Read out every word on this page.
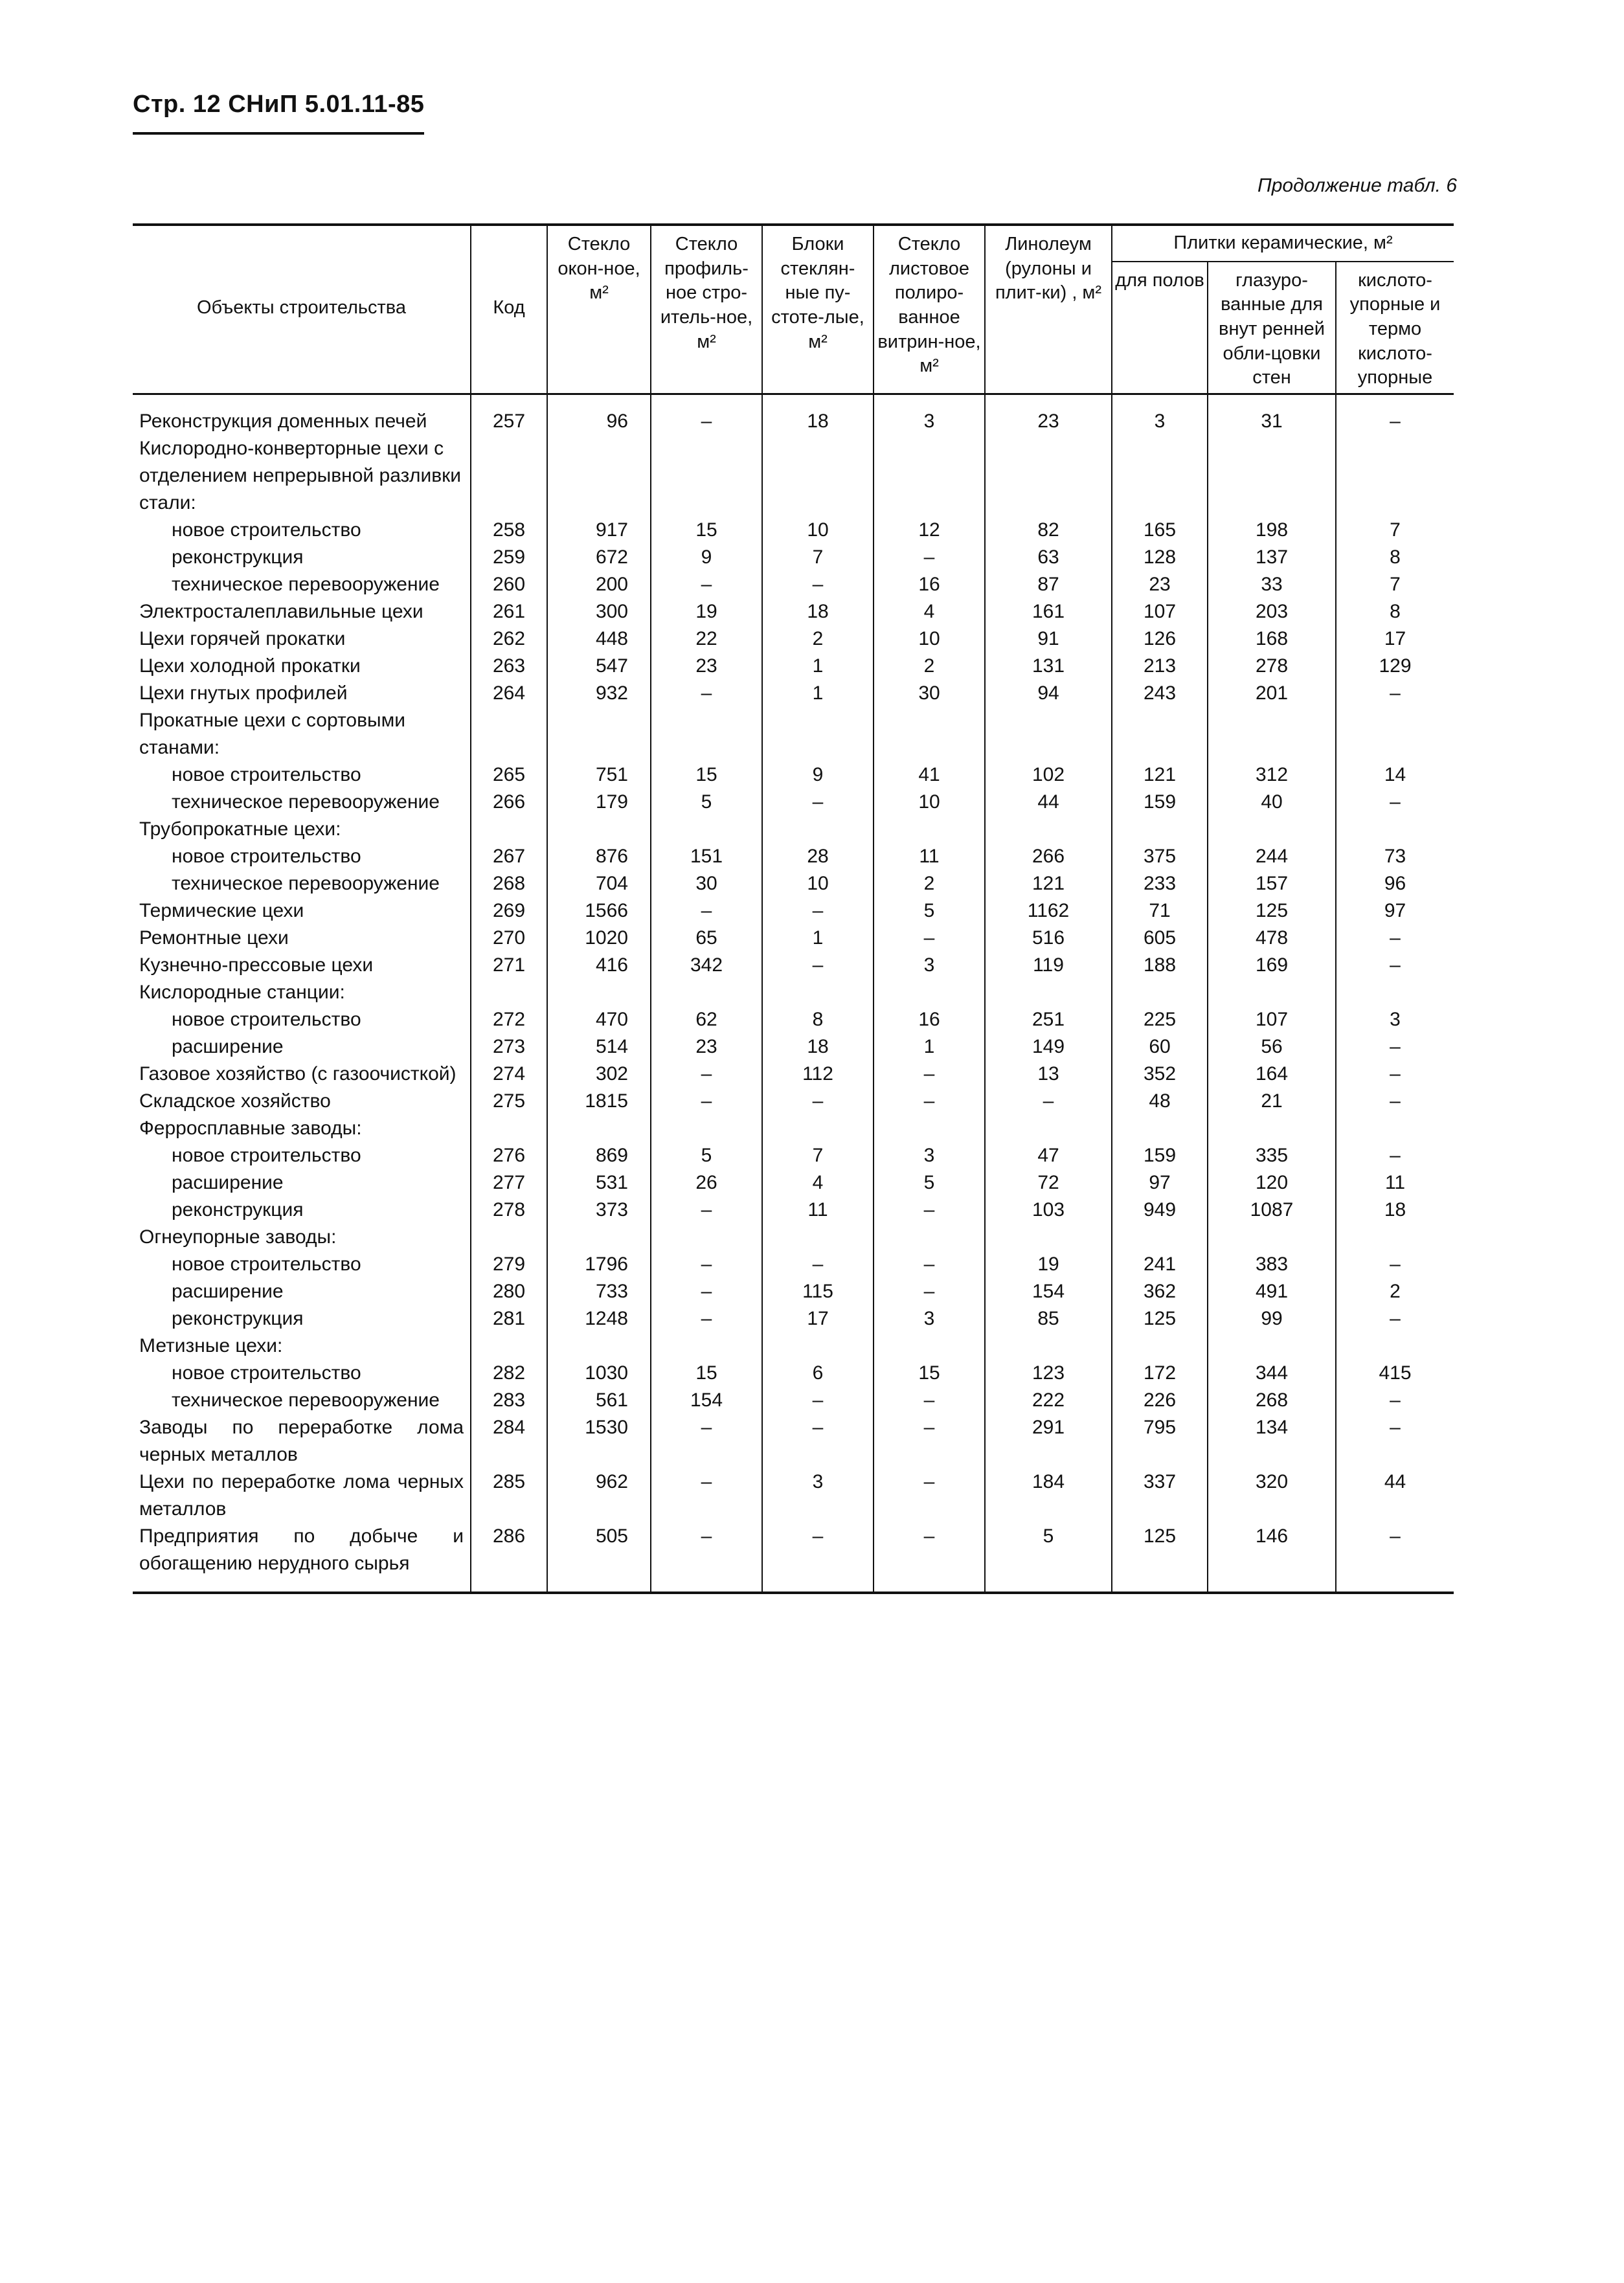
Стр. 12 СНиП 5.01.11-85
Продолжение табл. 6
Объекты строительства	Код	Стекло окон-ное, м²	Стекло профиль-ное стро-итель-ное, м²	Блоки стеклян-ные пу-стоте-лые, м²	Стекло листовое полиро-ванное витрин-ное, м²	Линолеум (рулоны и плит-ки) , м²	Плитки керамические, м²		
							для полов	глазуро-ванные для внут ренней обли-цовки стен	кислото-упорные и термо кислото-упорные
Реконструкция доменных печей	257	96	–	18	3	23	3	31	–
Кислородно-конверторные цехи с отделением непрерывной разливки стали:									
новое строительство	258	917	15	10	12	82	165	198	7
реконструкция	259	672	9	7	–	63	128	137	8
техническое перевооружение	260	200	–	–	16	87	23	33	7
Электросталеплавильные цехи	261	300	19	18	4	161	107	203	8
Цехи горячей прокатки	262	448	22	2	10	91	126	168	17
Цехи холодной прокатки	263	547	23	1	2	131	213	278	129
Цехи гнутых профилей	264	932	–	1	30	94	243	201	–
Прокатные цехи с сортовыми станами:									
новое строительство	265	751	15	9	41	102	121	312	14
техническое перевооружение	266	179	5	–	10	44	159	40	–
Трубопрокатные цехи:									
новое строительство	267	876	151	28	11	266	375	244	73
техническое перевооружение	268	704	30	10	2	121	233	157	96
Термические цехи	269	1566	–	–	5	1162	71	125	97
Ремонтные цехи	270	1020	65	1	–	516	605	478	–
Кузнечно-прессовые цехи	271	416	342	–	3	119	188	169	–
Кислородные станции:									
новое строительство	272	470	62	8	16	251	225	107	3
расширение	273	514	23	18	1	149	60	56	–
Газовое хозяйство (с газоочисткой)	274	302	–	112	–	13	352	164	–
Складское хозяйство	275	1815	–	–	–	–	48	21	–
Ферросплавные заводы:									
новое строительство	276	869	5	7	3	47	159	335	–
расширение	277	531	26	4	5	72	97	120	11
реконструкция	278	373	–	11	–	103	949	1087	18
Огнеупорные заводы:									
новое строительство	279	1796	–	–	–	19	241	383	–
расширение	280	733	–	115	–	154	362	491	2
реконструкция	281	1248	–	17	3	85	125	99	–
Метизные цехи:									
новое строительство	282	1030	15	6	15	123	172	344	415
техническое перевооружение	283	561	154	–	–	222	226	268	–
Заводы по переработке лома черных металлов	284	1530	–	–	–	291	795	134	–
Цехи по переработке лома черных металлов	285	962	–	3	–	184	337	320	44
Предприятия по добыче и обогащению нерудного сырья	286	505	–	–	–	5	125	146	–
